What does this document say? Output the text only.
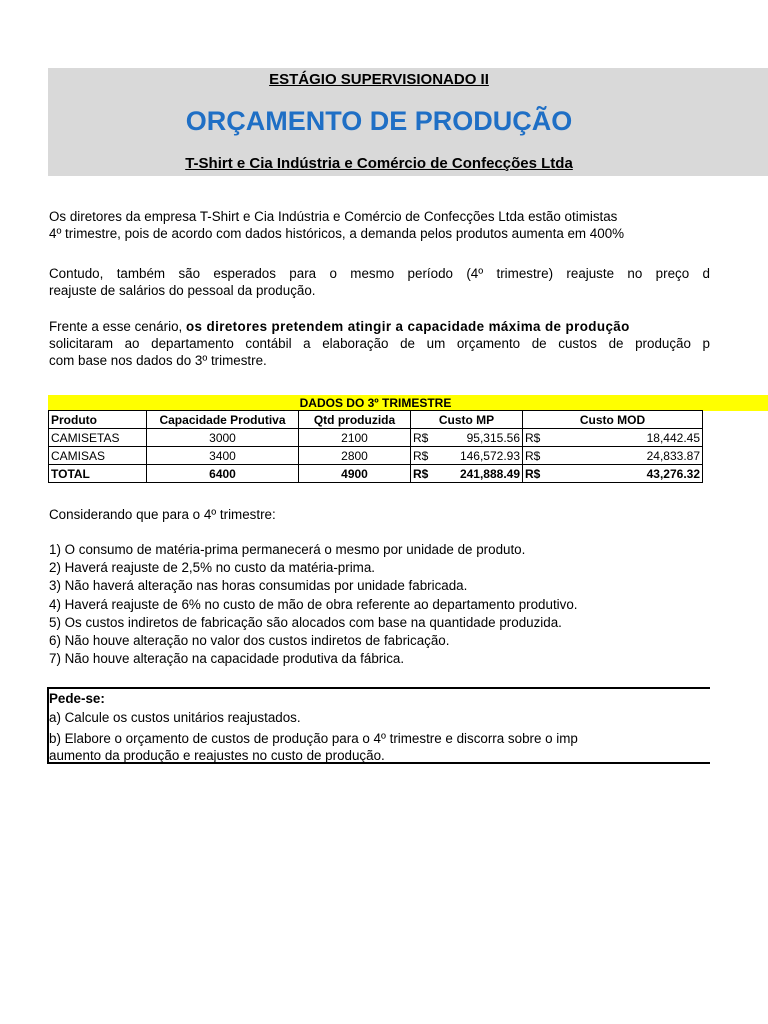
ESTÁGIO SUPERVISIONADO II
ORÇAMENTO DE PRODUÇÃO
T-Shirt e Cia Indústria e Comércio de Confecções Ltda
Os diretores da empresa T-Shirt e Cia Indústria e Comércio de Confecções Ltda estão otimistas
4º trimestre, pois de acordo com dados históricos, a demanda pelos produtos aumenta em 400%
Contudo, também são esperados para o mesmo período (4º trimestre) reajuste no preço d
reajuste de salários do pessoal da produção.
Frente a esse cenário, os diretores pretendem atingir a capacidade máxima de produção
solicitaram ao departamento contábil a elaboração de um orçamento de custos de produção p
com base nos dados do 3º trimestre.
DADOS DO 3º TRIMESTRE						
Produto	Capacidade Produtiva	Qtd produzida	Custo MP		Custo MOD	
CAMISETAS	3000	2100	R$	95,315.56	R$	18,442.45
CAMISAS	3400	2800	R$	146,572.93	R$	24,833.87
TOTAL	6400	4900	R$	241,888.49	R$	43,276.32
Considerando que para o 4º trimestre:
1) O consumo de matéria-prima permanecerá o mesmo por unidade de produto.
2) Haverá reajuste de 2,5% no custo da matéria-prima.
3) Não haverá alteração nas horas consumidas por unidade fabricada.
4) Haverá reajuste de 6% no custo de mão de obra referente ao departamento produtivo.
5) Os custos indiretos de fabricação são alocados com base na quantidade produzida.
6) Não houve alteração no valor dos custos indiretos de fabricação.
7) Não houve alteração na capacidade produtiva da fábrica.
Pede-se:
a) Calcule os custos unitários reajustados.
b) Elabore o orçamento de custos de produção para o 4º trimestre e discorra sobre o imp
aumento da produção e reajustes no custo de produção.
